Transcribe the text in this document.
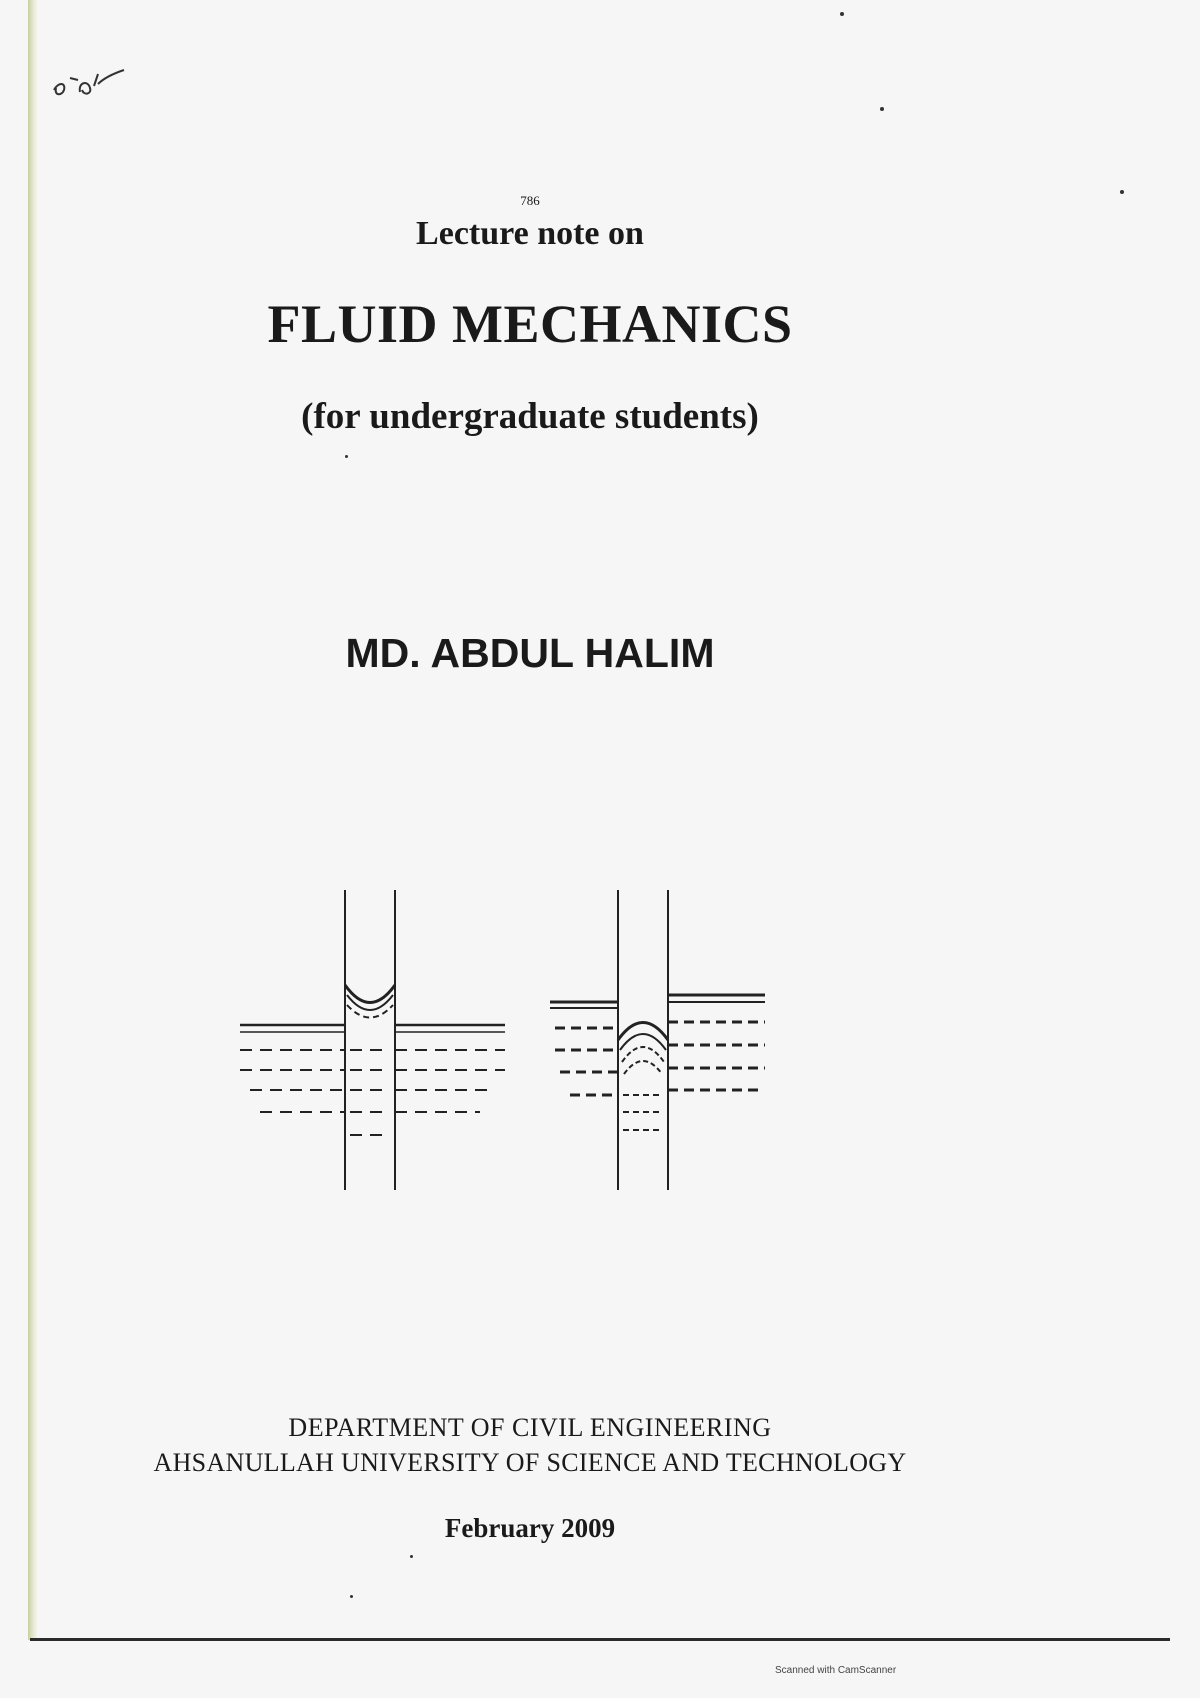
786
Lecture note on
FLUID MECHANICS
(for undergraduate students)
MD. ABDUL HALIM
DEPARTMENT OF CIVIL ENGINEERING
AHSANULLAH UNIVERSITY OF SCIENCE AND TECHNOLOGY
February 2009
Scanned with CamScanner
